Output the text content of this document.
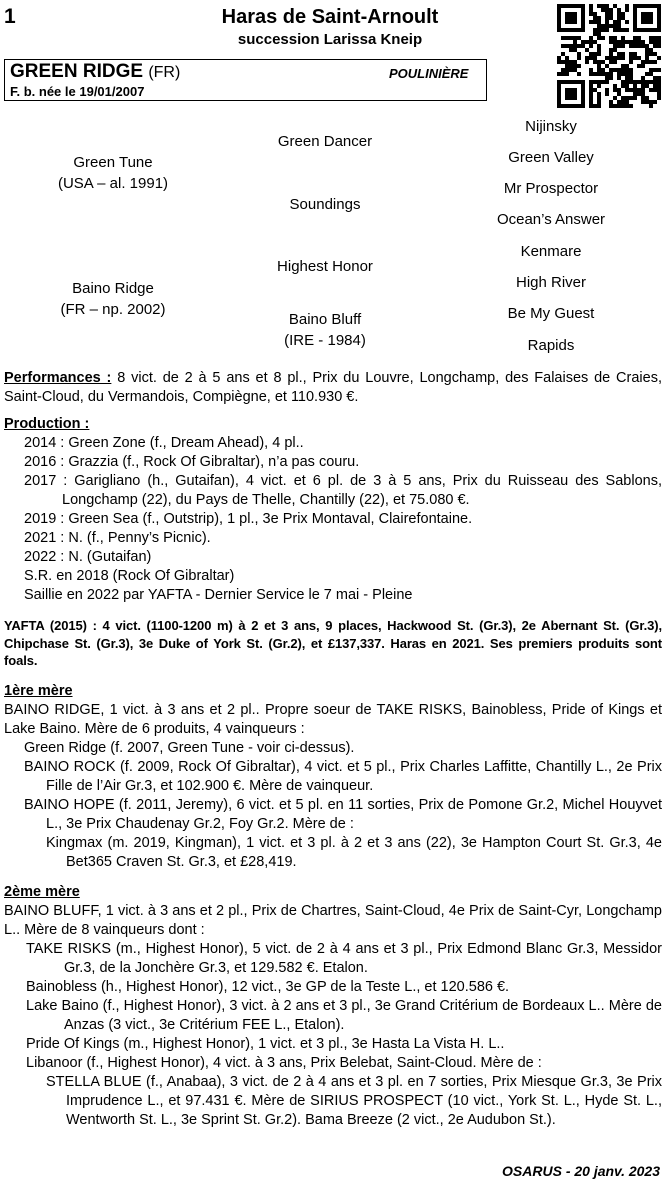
1	Haras de Saint-Arnoult
succession Larissa Kneip
GREEN RIDGE (FR)	POULINIÈRE
F. b. née le 19/01/2007
Green Tune
(USA – al. 1991)
Baino Ridge
(FR – np. 2002)
Green Dancer
Soundings
Highest Honor
Baino Bluff
(IRE - 1984)
Nijinsky
Green Valley
Mr Prospector
Ocean’s Answer
Kenmare
High River
Be My Guest
Rapids
Performances : 8 vict. de 2 à 5 ans et 8 pl., Prix du Louvre, Longchamp, des Falaises de Craies, Saint-Cloud, du Vermandois, Compiègne, et 110.930 €.
Production :
2014 : Green Zone (f., Dream Ahead), 4 pl..
2016 : Grazzia (f., Rock Of Gibraltar), n’a pas couru.
2017 : Garigliano (h., Gutaifan), 4 vict. et 6 pl. de 3 à 5 ans, Prix du Ruisseau des Sablons, Longchamp (22), du Pays de Thelle, Chantilly (22), et 75.080 €.
2019 : Green Sea (f., Outstrip), 1 pl., 3e Prix Montaval, Clairefontaine.
2021 : N. (f., Penny’s Picnic).
2022 : N. (Gutaifan)
S.R. en 2018 (Rock Of Gibraltar)
Saillie en 2022 par YAFTA - Dernier Service le 7 mai - Pleine
YAFTA (2015) : 4 vict. (1100-1200 m) à 2 et 3 ans, 9 places, Hackwood St. (Gr.3), 2e Abernant St. (Gr.3), Chipchase St. (Gr.3), 3e Duke of York St. (Gr.2), et £137,337. Haras en 2021. Ses premiers produits sont foals.
1ère mère
BAINO RIDGE, 1 vict. à 3 ans et 2 pl.. Propre soeur de TAKE RISKS, Bainobless, Pride of Kings et Lake Baino. Mère de 6 produits, 4 vainqueurs :
Green Ridge (f. 2007, Green Tune - voir ci-dessus).
BAINO ROCK (f. 2009, Rock Of Gibraltar), 4 vict. et 5 pl., Prix Charles Laffitte, Chantilly L., 2e Prix Fille de l’Air Gr.3, et 102.900 €. Mère de vainqueur.
BAINO HOPE (f. 2011, Jeremy), 6 vict. et 5 pl. en 11 sorties, Prix de Pomone Gr.2, Michel Houyvet L., 3e Prix Chaudenay Gr.2, Foy Gr.2. Mère de :
Kingmax (m. 2019, Kingman), 1 vict. et 3 pl. à 2 et 3 ans (22), 3e Hampton Court St. Gr.3, 4e Bet365 Craven St. Gr.3, et £28,419.
2ème mère
BAINO BLUFF, 1 vict. à 3 ans et 2 pl., Prix de Chartres, Saint-Cloud, 4e Prix de Saint-Cyr, Longchamp L.. Mère de 8 vainqueurs dont :
TAKE RISKS (m., Highest Honor), 5 vict. de 2 à 4 ans et 3 pl., Prix Edmond Blanc Gr.3, Messidor Gr.3, de la Jonchère Gr.3, et 129.582 €. Etalon.
Bainobless (h., Highest Honor), 12 vict., 3e GP de la Teste L., et 120.586 €.
Lake Baino (f., Highest Honor), 3 vict. à 2 ans et 3 pl., 3e Grand Critérium de Bordeaux L.. Mère de Anzas (3 vict., 3e Critérium FEE L., Etalon).
Pride Of Kings (m., Highest Honor), 1 vict. et 3 pl., 3e Hasta La Vista H. L..
Libanoor (f., Highest Honor), 4 vict. à 3 ans, Prix Belebat, Saint-Cloud. Mère de :
STELLA BLUE (f., Anabaa), 3 vict. de 2 à 4 ans et 3 pl. en 7 sorties, Prix Miesque Gr.3, 3e Prix Imprudence L., et 97.431 €. Mère de SIRIUS PROSPECT (10 vict., York St. L., Hyde St. L., Wentworth St. L., 3e Sprint St. Gr.2). Bama Breeze (2 vict., 2e Audubon St.).
OSARUS - 20 janv. 2023
